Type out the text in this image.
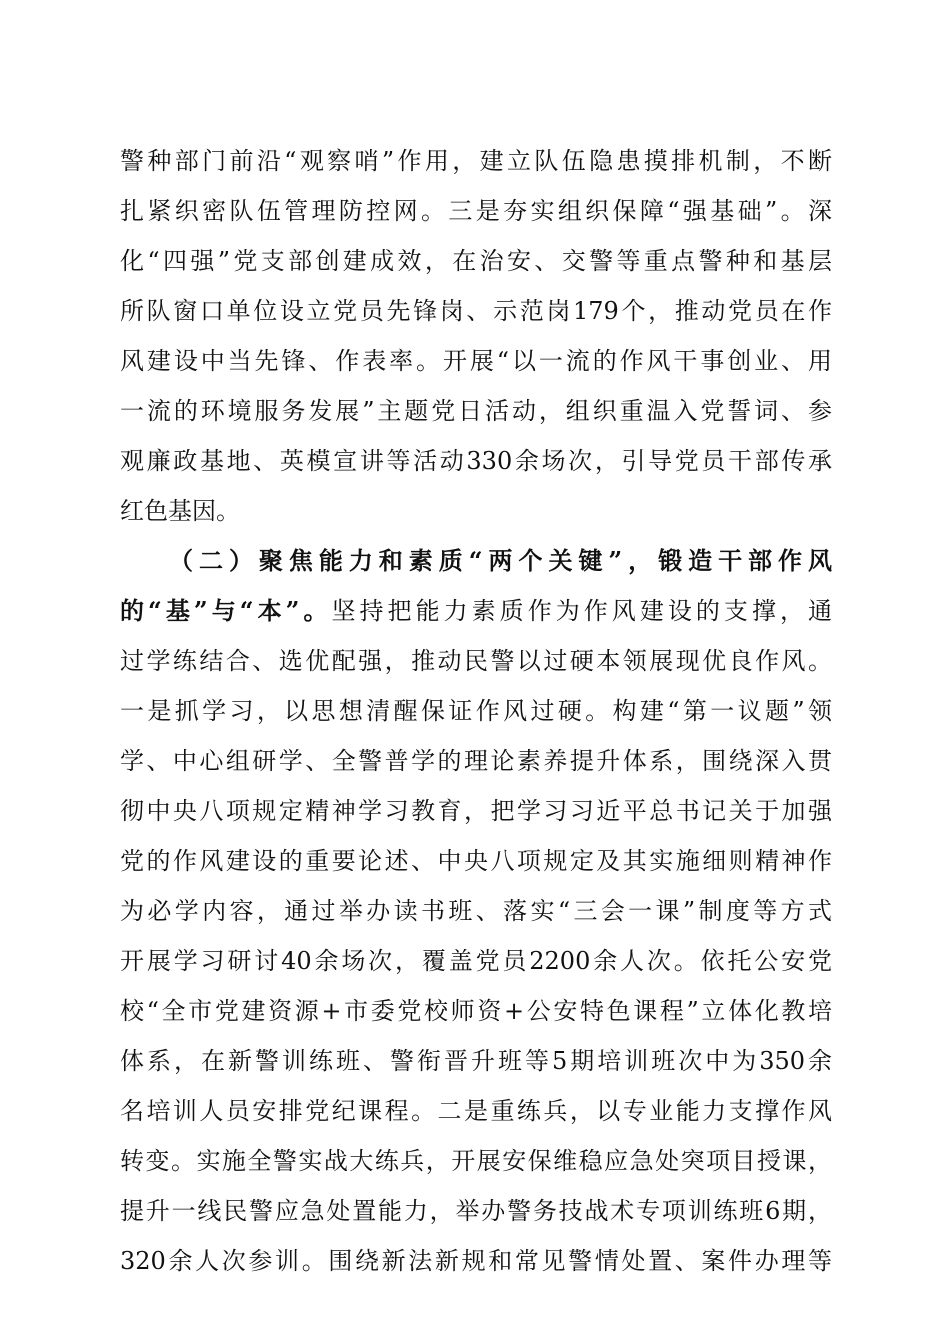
警种部门前沿“观察哨”作用，建立队伍隐患摸排机制，不断
扎紧织密队伍管理防控网。三是夯实组织保障“强基础”。深
化“四强”党支部创建成效，在治安、交警等重点警种和基层
所队窗口单位设立党员先锋岗、示范岗179个，推动党员在作
风建设中当先锋、作表率。开展“以一流的作风干事创业、用
一流的环境服务发展”主题党日活动，组织重温入党誓词、参
观廉政基地、英模宣讲等活动330余场次，引导党员干部传承
红色基因。
（二）聚焦能力和素质“两个关键”，锻造干部作风
的“基”与“本”。坚持把能力素质作为作风建设的支撑，通
过学练结合、选优配强，推动民警以过硬本领展现优良作风。
一是抓学习，以思想清醒保证作风过硬。构建“第一议题”领
学、中心组研学、全警普学的理论素养提升体系，围绕深入贯
彻中央八项规定精神学习教育，把学习习近平总书记关于加强
党的作风建设的重要论述、中央八项规定及其实施细则精神作
为必学内容，通过举办读书班、落实“三会一课”制度等方式
开展学习研讨40余场次，覆盖党员2200余人次。依托公安党
校“全市党建资源+市委党校师资+公安特色课程”立体化教培
体系，在新警训练班、警衔晋升班等5期培训班次中为350余
名培训人员安排党纪课程。二是重练兵，以专业能力支撑作风
转变。实施全警实战大练兵，开展安保维稳应急处突项目授课，
提升一线民警应急处置能力，举办警务技战术专项训练班6期，
320余人次参训。围绕新法新规和常见警情处置、案件办理等
